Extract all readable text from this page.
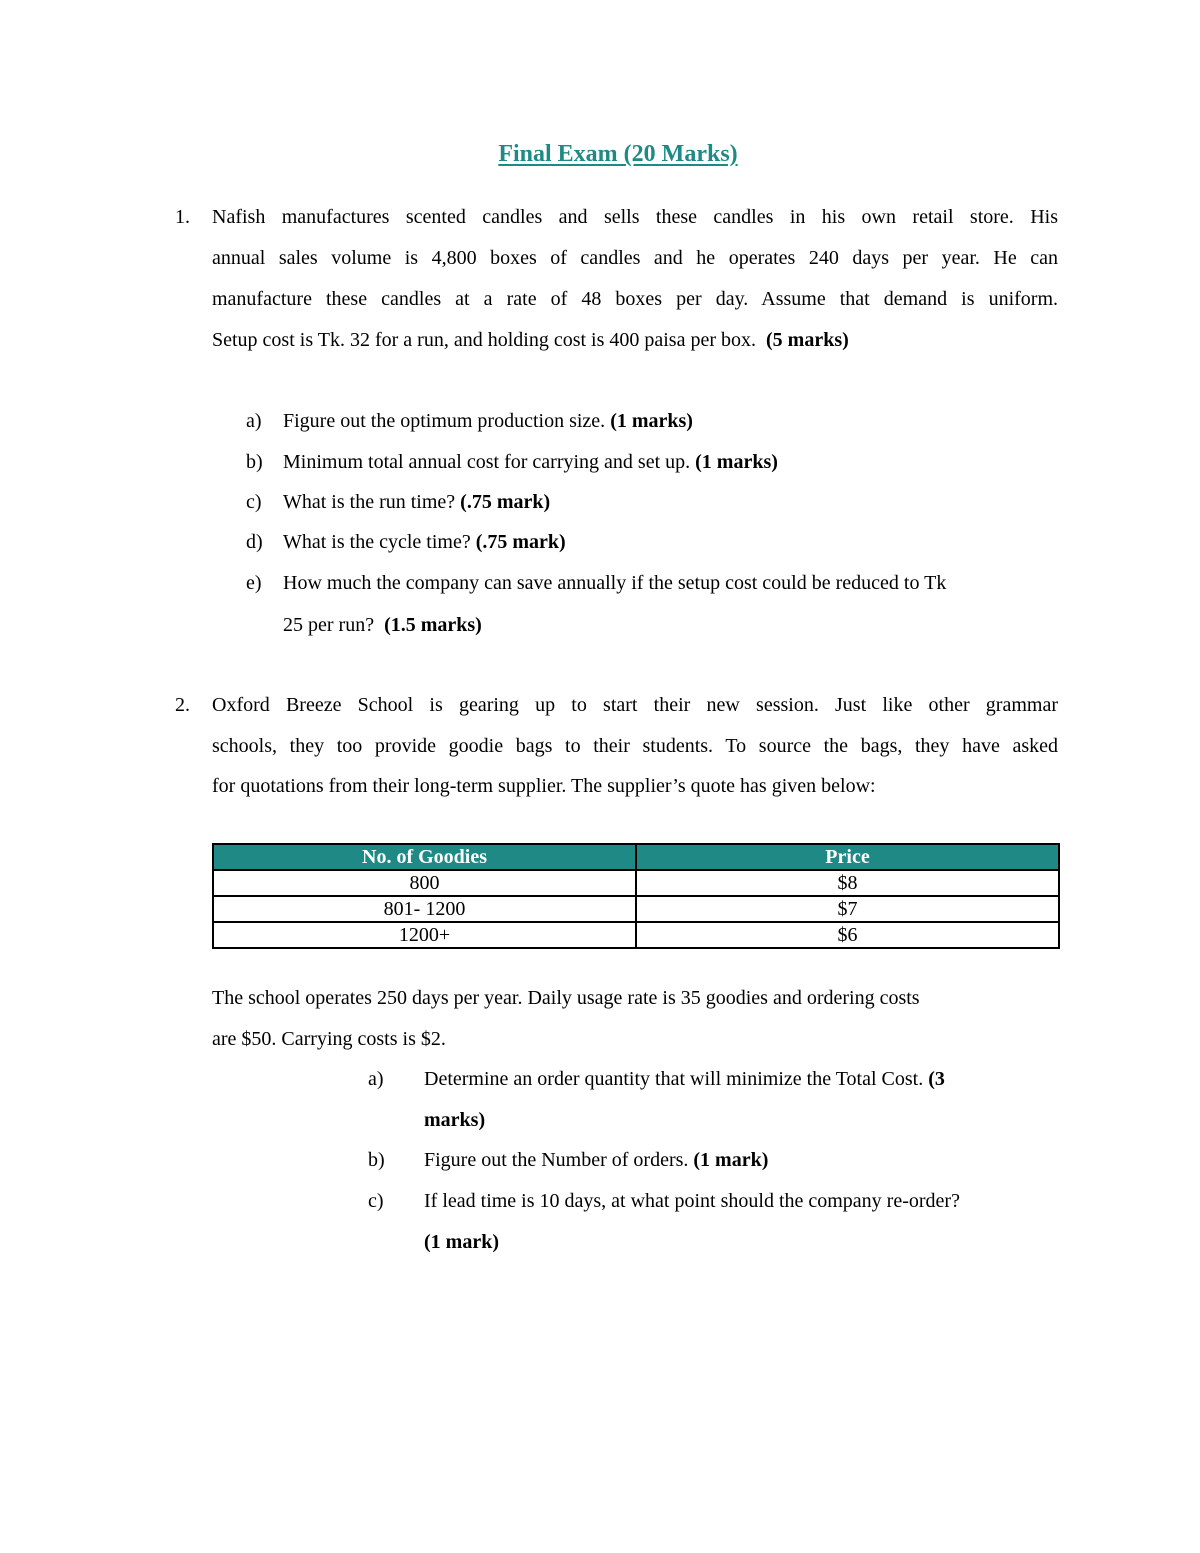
Final Exam (20 Marks)
1. Nafish manufactures scented candles and sells these candles in his own retail store. His
annual sales volume is 4,800 boxes of candles and he operates 240 days per year. He can
manufacture these candles at a rate of 48 boxes per day. Assume that demand is uniform.
Setup cost is Tk. 32 for a run, and holding cost is 400 paisa per box. (5 marks)
a) Figure out the optimum production size. (1 marks)
b) Minimum total annual cost for carrying and set up. (1 marks)
c) What is the run time? (.75 mark)
d) What is the cycle time? (.75 mark)
e) How much the company can save annually if the setup cost could be reduced to Tk
25 per run? (1.5 marks)
2. Oxford Breeze School is gearing up to start their new session. Just like other grammar
schools, they too provide goodie bags to their students. To source the bags, they have asked
for quotations from their long-term supplier. The supplier’s quote has given below:
No. of Goodies	Price
800	$8
801- 1200	$7
1200+	$6
The school operates 250 days per year. Daily usage rate is 35 goodies and ordering costs
are $50. Carrying costs is $2.
a) Determine an order quantity that will minimize the Total Cost. (3
marks)
b) Figure out the Number of orders. (1 mark)
c) If lead time is 10 days, at what point should the company re-order?
(1 mark)
